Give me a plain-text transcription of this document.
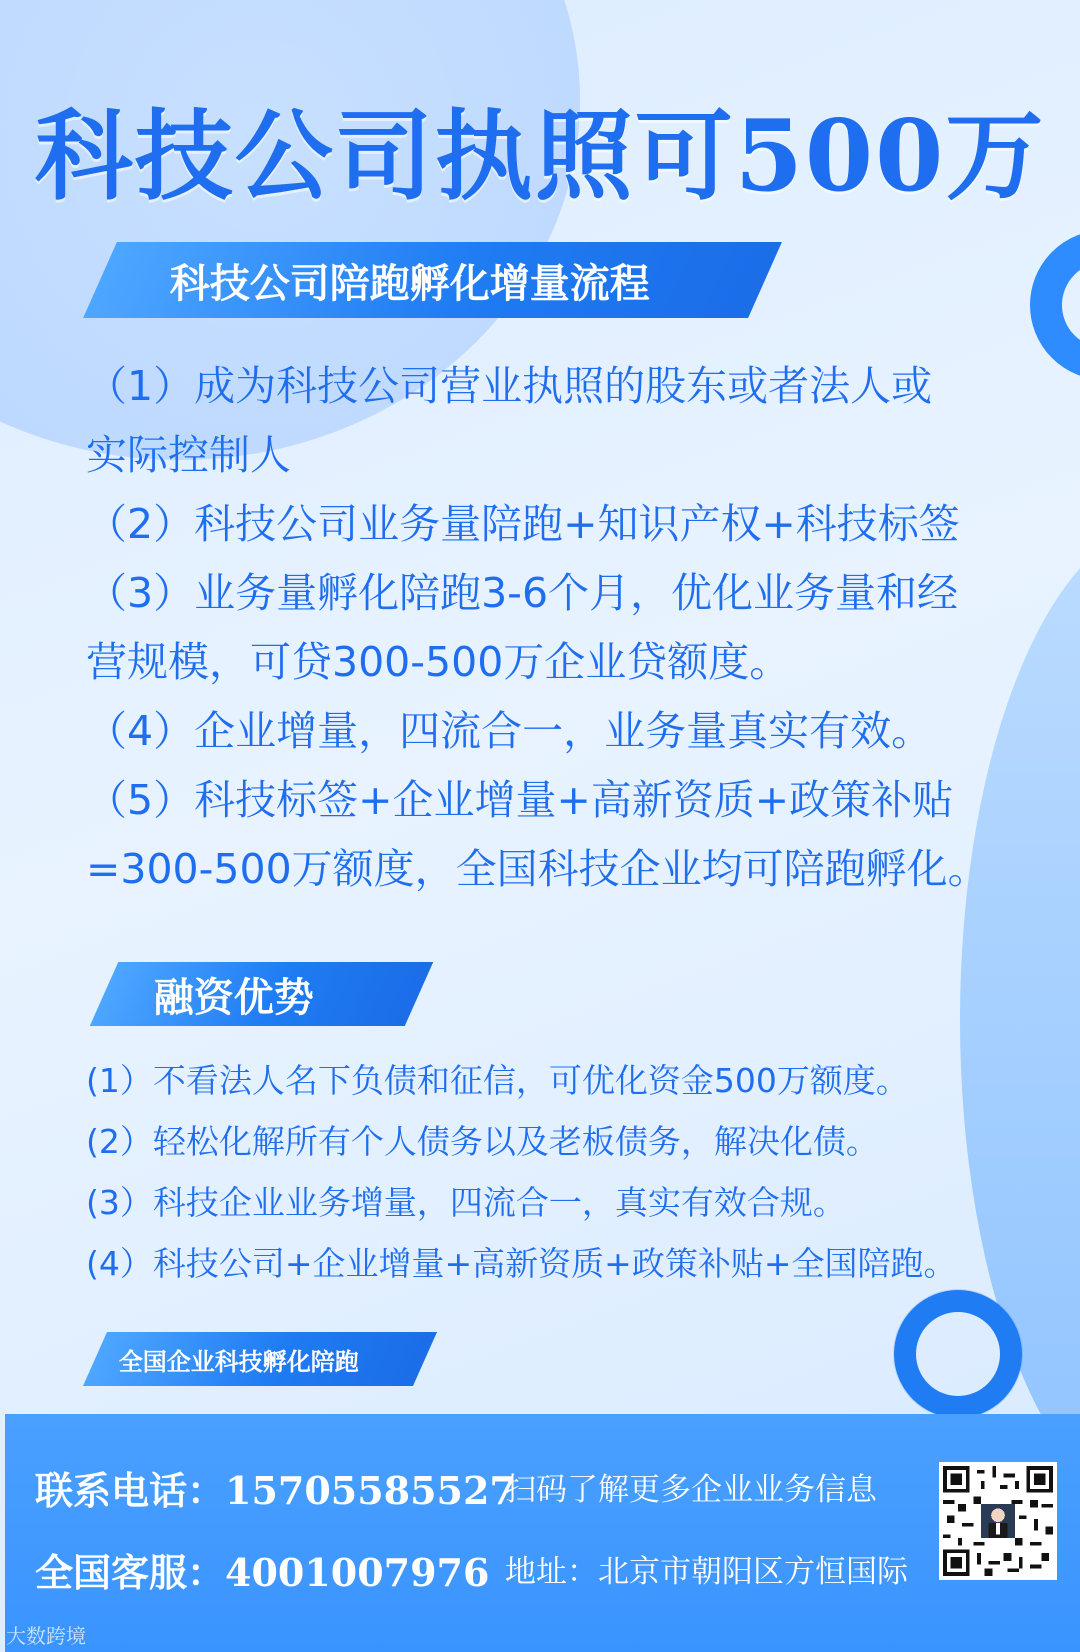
科技公司执照可500万
科技公司陪跑孵化增量流程
（1）成为科技公司营业执照的股东或者法人或
实际控制人
（2）科技公司业务量陪跑+知识产权+科技标签
（3）业务量孵化陪跑3-6个月，优化业务量和经
营规模，可贷300-500万企业贷额度。
（4）企业增量，四流合一，业务量真实有效。
（5）科技标签+企业增量+高新资质+政策补贴
=300-500万额度，全国科技企业均可陪跑孵化。
融资优势
(1）不看法人名下负债和征信，可优化资金500万额度。
(2）轻松化解所有个人债务以及老板债务，解决化债。
(3）科技企业业务增量，四流合一，真实有效合规。
(4）科技公司+企业增量+高新资质+政策补贴+全国陪跑。
全国企业科技孵化陪跑
联系电话：15705585527
全国客服：4001007976
扫码了解更多企业业务信息
地址：北京市朝阳区方恒国际
大数跨境
